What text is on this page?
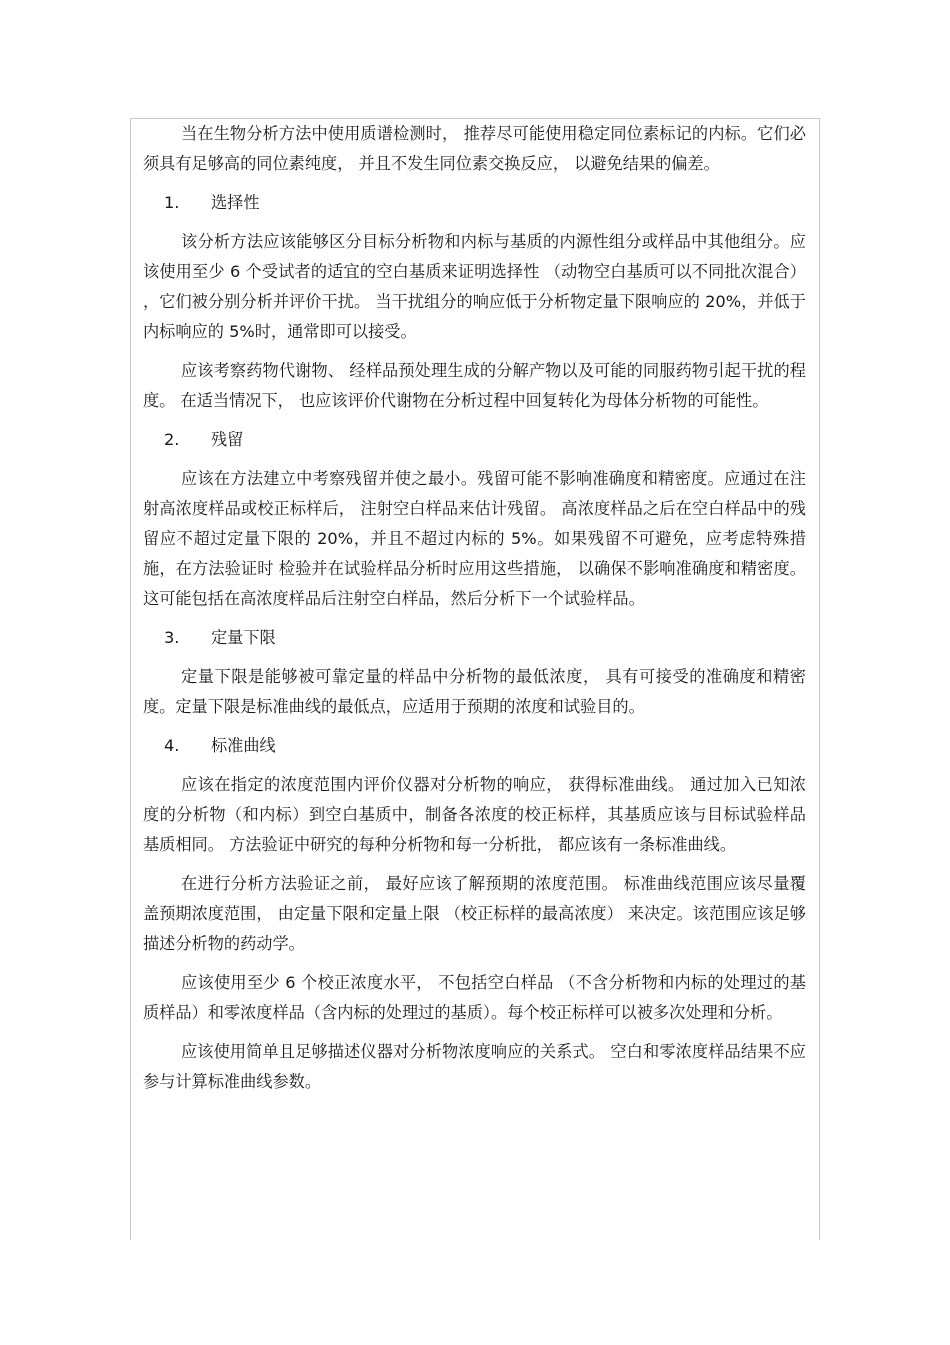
当在生物分析方法中使用质谱检测时， 推荐尽可能使用稳定同位素标记的内标。它们必须具有足够高的同位素纯度， 并且不发生同位素交换反应， 以避免结果的偏差。

1. 选择性

该分析方法应该能够区分目标分析物和内标与基质的内源性组分或样品中其他组分。应该使用至少 6 个受试者的适宜的空白基质来证明选择性 （动物空白基质可以不同批次混合） ，它们被分别分析并评价干扰。 当干扰组分的响应低于分析物定量下限响应的 20%，并低于内标响应的 5%时，通常即可以接受。

应该考察药物代谢物、 经样品预处理生成的分解产物以及可能的同服药物引起干扰的程度。 在适当情况下， 也应该评价代谢物在分析过程中回复转化为母体分析物的可能性。

2. 残留

应该在方法建立中考察残留并使之最小。残留可能不影响准确度和精密度。应通过在注射高浓度样品或校正标样后， 注射空白样品来估计残留。 高浓度样品之后在空白样品中的残留应不超过定量下限的 20%，并且不超过内标的 5%。如果残留不可避免，应考虑特殊措施，在方法验证时 检验并在试验样品分析时应用这些措施， 以确保不影响准确度和精密度。 这可能包括在高浓度样品后注射空白样品，然后分析下一个试验样品。

3. 定量下限

定量下限是能够被可靠定量的样品中分析物的最低浓度， 具有可接受的准确度和精密度。定量下限是标准曲线的最低点，应适用于预期的浓度和试验目的。

4. 标准曲线

应该在指定的浓度范围内评价仪器对分析物的响应， 获得标准曲线。 通过加入已知浓度的分析物（和内标）到空白基质中，制备各浓度的校正标样，其基质应该与目标试验样品基质相同。 方法验证中研究的每种分析物和每一分析批， 都应该有一条标准曲线。

在进行分析方法验证之前， 最好应该了解预期的浓度范围。 标准曲线范围应该尽量覆盖预期浓度范围， 由定量下限和定量上限 （校正标样的最高浓度） 来决定。该范围应该足够描述分析物的药动学。

应该使用至少 6 个校正浓度水平， 不包括空白样品 （不含分析物和内标的处理过的基质样品）和零浓度样品（含内标的处理过的基质）。每个校正标样可以被多次处理和分析。

应该使用简单且足够描述仪器对分析物浓度响应的关系式。 空白和零浓度样品结果不应参与计算标准曲线参数。
